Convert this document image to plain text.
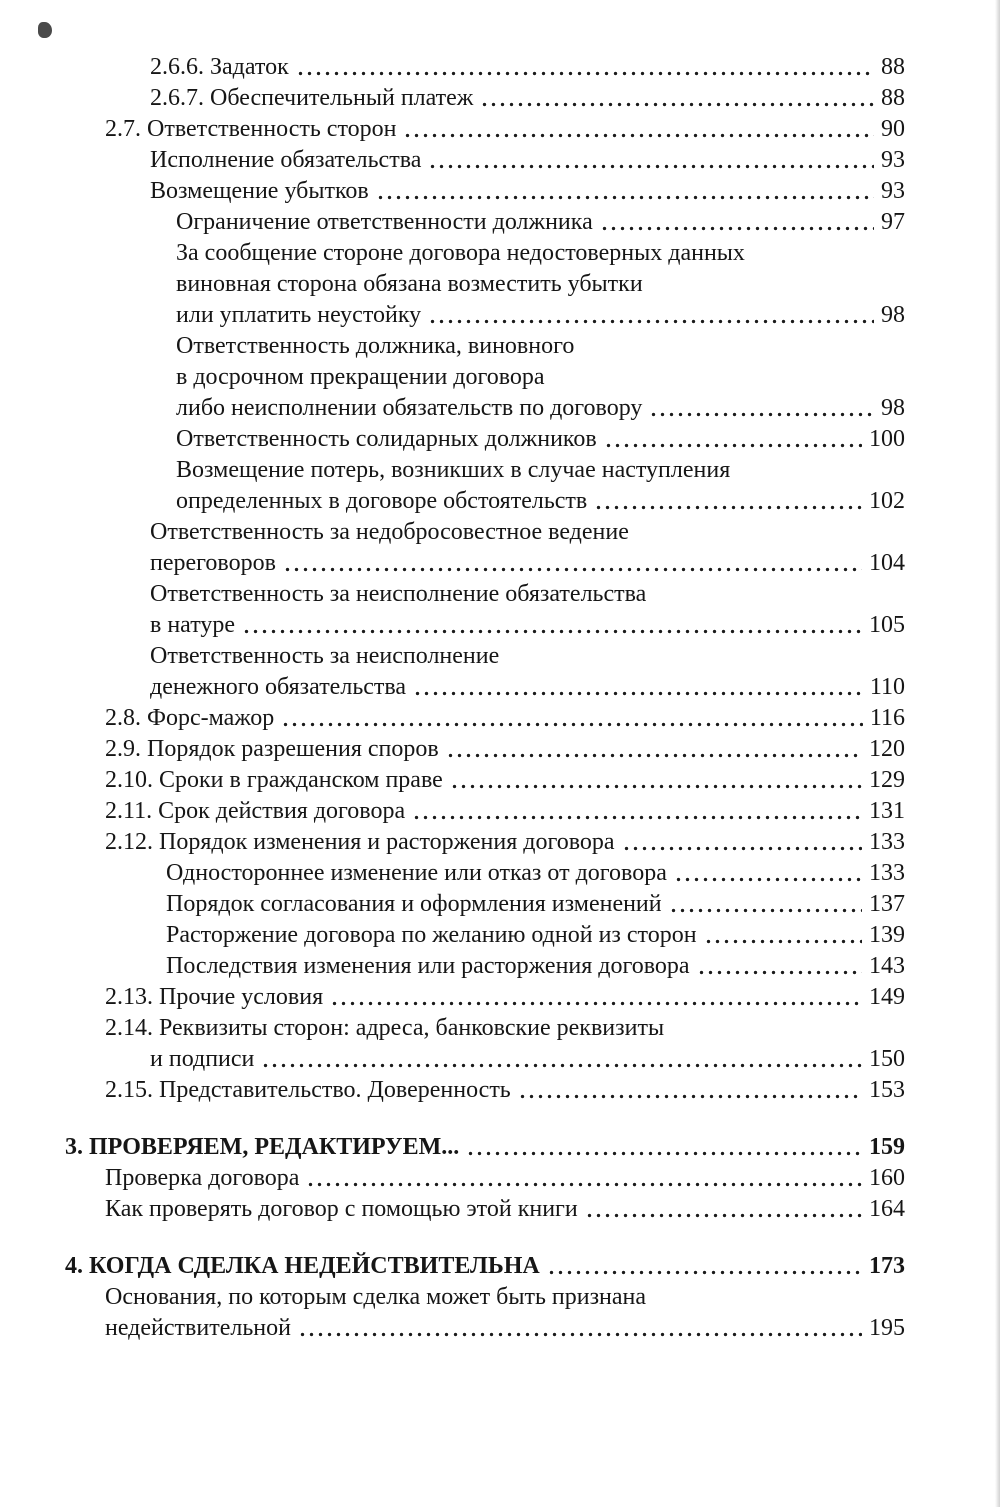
2.6.6. Задаток	88
2.6.7. Обеспечительный платеж	88
2.7. Ответственность сторон	90
Исполнение обязательства	93
Возмещение убытков	93
Ограничение ответственности должника	97
За сообщение стороне договора недостоверных данных
виновная сторона обязана возместить убытки
или уплатить неустойку	98
Ответственность должника, виновного
в досрочном прекращении договора
либо неисполнении обязательств по договору	98
Ответственность солидарных должников	100
Возмещение потерь, возникших в случае наступления
определенных в договоре обстоятельств	102
Ответственность за недобросовестное ведение
переговоров	104
Ответственность за неисполнение обязательства
в натуре	105
Ответственность за неисполнение
денежного обязательства	110
2.8. Форс-мажор	116
2.9. Порядок разрешения споров	120
2.10. Сроки в гражданском праве	129
2.11. Срок действия договора	131
2.12. Порядок изменения и расторжения договора	133
Одностороннее изменение или отказ от договора	133
Порядок согласования и оформления изменений	137
Расторжение договора по желанию одной из сторон	139
Последствия изменения или расторжения договора	143
2.13. Прочие условия	149
2.14. Реквизиты сторон: адреса, банковские реквизиты
и подписи	150
2.15. Представительство. Доверенность	153
3. ПРОВЕРЯЕМ, РЕДАКТИРУЕМ...	159
Проверка договора	160
Как проверять договор с помощью этой книги	164
4. КОГДА СДЕЛКА НЕДЕЙСТВИТЕЛЬНА	173
Основания, по которым сделка может быть признана
недействительной	195
